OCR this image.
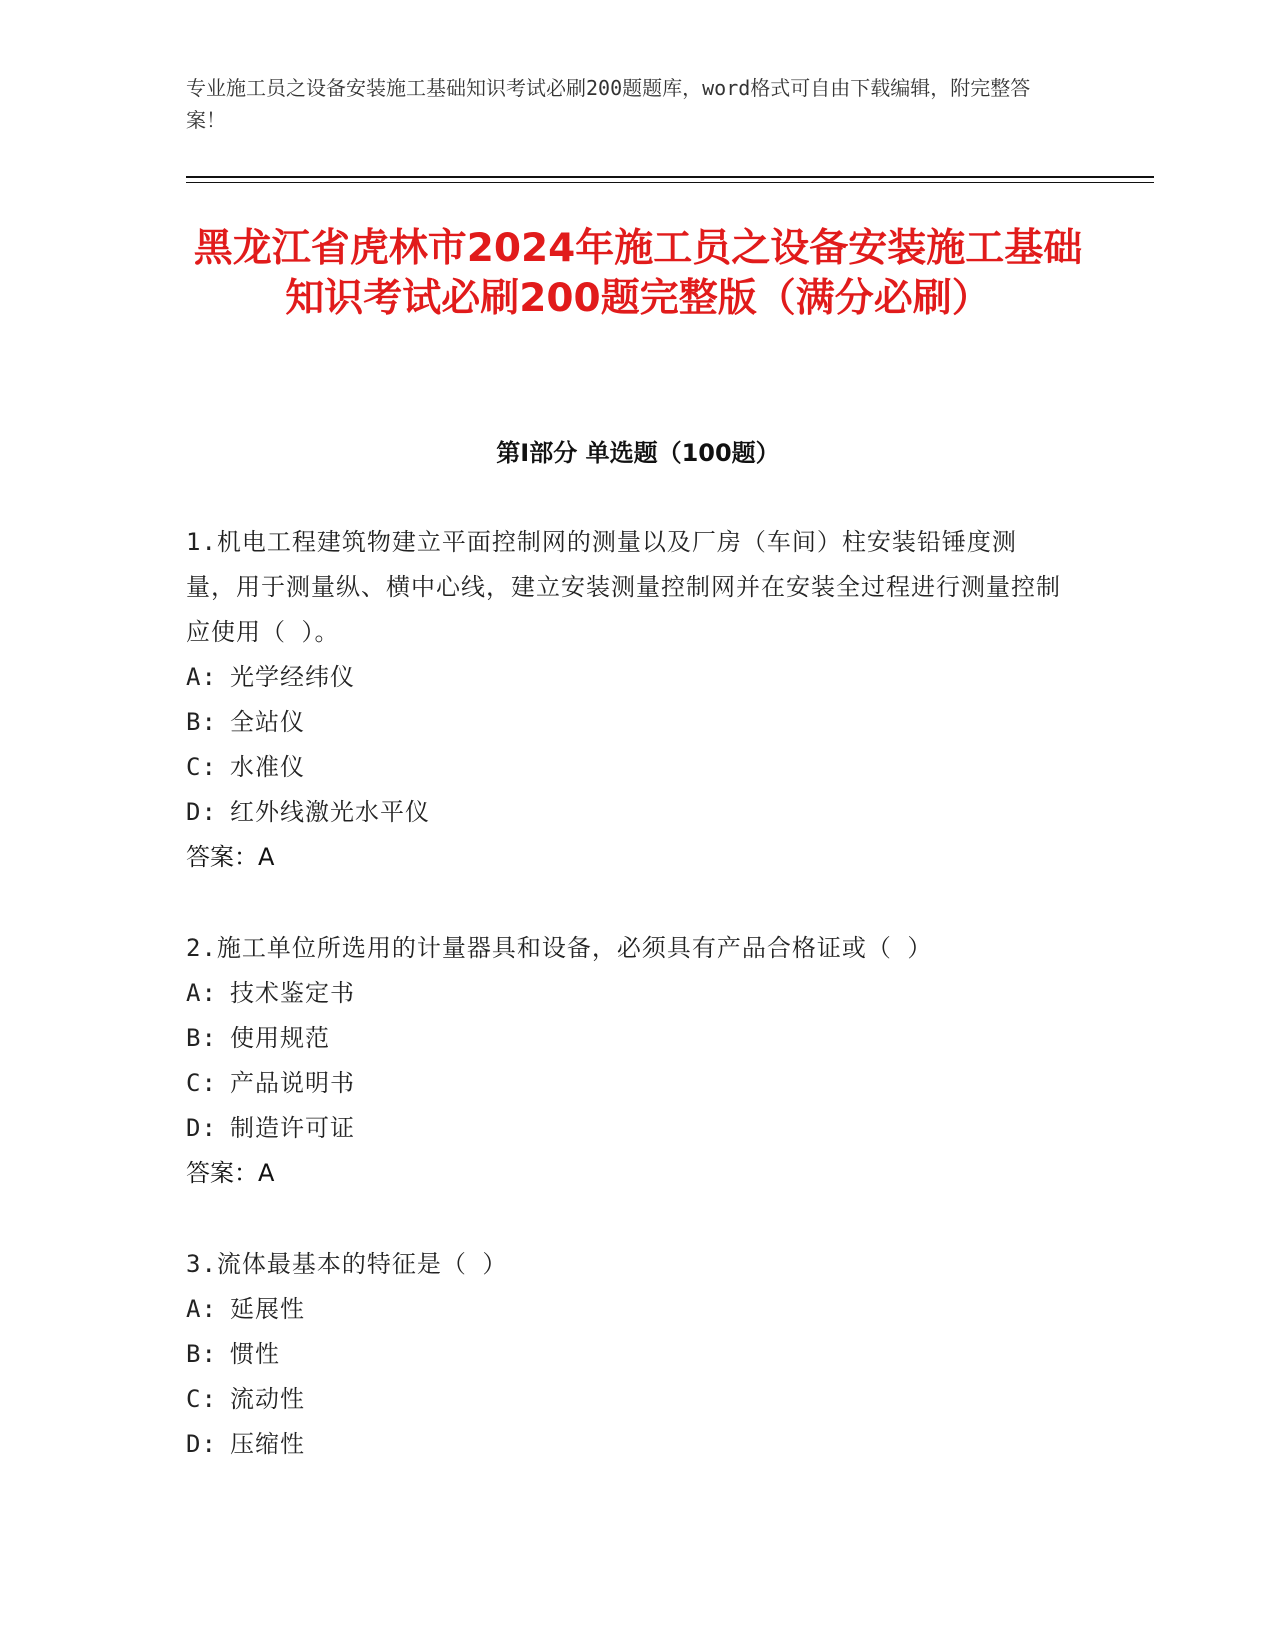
专业施工员之设备安装施工基础知识考试必刷200题题库，word格式可自由下载编辑，附完整答案！
黑龙江省虎林市2024年施工员之设备安装施工基础知识考试必刷200题完整版（满分必刷）
第I部分 单选题（100题）
1.机电工程建筑物建立平面控制网的测量以及厂房（车间）柱安装铅锤度测量，用于测量纵、横中心线，建立安装测量控制网并在安装全过程进行测量控制应使用（ ）。
A: 光学经纬仪
B: 全站仪
C: 水准仪
D: 红外线激光水平仪
答案：A
2.施工单位所选用的计量器具和设备，必须具有产品合格证或（ ）
A: 技术鉴定书
B: 使用规范
C: 产品说明书
D: 制造许可证
答案：A
3.流体最基本的特征是（ ）
A: 延展性
B: 惯性
C: 流动性
D: 压缩性
